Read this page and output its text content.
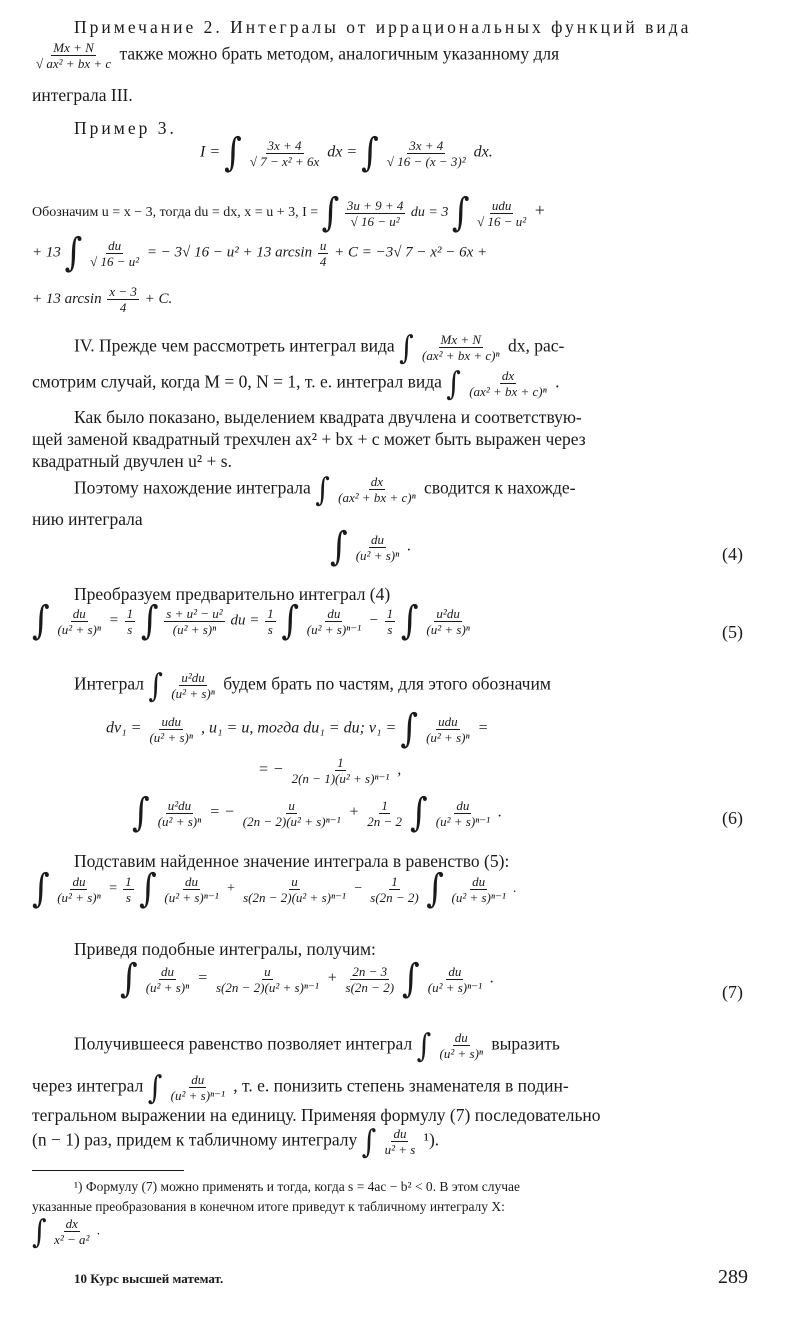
Примечание 2. Интегралы от иррациональных функций вида
$\frac{Mx + N}{\text{√ ax² + bx + c}}$ также можно брать методом, аналогичным указанному для
интеграла III.
Пример 3.
I = ∫ $\frac{3x + 4}{\text{√ 7 − x² + 6x}}$ dx = ∫ $\frac{3x + 4}{\text{√ 16 − (x − 3)²}}$ dx.
Обозначим u = x − 3, тогда du = dx, x = u + 3, I = ∫ $\frac{3u + 9 + 4}{\text{√ 16 − u²}}$ du = 3 ∫ $\frac{\text{udu}}{\text{√ 16 − u²}}$ +
+ 13 ∫ $\frac{du}{\text{√ 16 − u²}}$ = − 3√ 16 − u² + 13 $\arcsin \frac{u}{4} + C = -3√$ 7 − x² − 6x +
+ 13 $\arcsin \frac{x - 3}{4} + C$.
IV. Прежде чем рассмотреть интеграл вида ∫ $\frac{Mx + N}{\text{(ax² + bx + c)ⁿ}}$ dx, рас-
смотрим случай, когда M = 0, N = 1, т. е. интеграл вида ∫ $\frac{dx}{\text{(ax² + bx + c)ⁿ}}$ .
Как было показано, выделением квадрата двучлена и соответствую-
щей заменой квадратный трехчлен ax² + bx + c может быть выражен через
квадратный двучлен u² + s.
Поэтому нахождение интеграла ∫ $\frac{dx}{\text{(ax² + bx + c)ⁿ}}$ сводится к нахожде-
нию интеграла
∫ $\frac{du}{\text{(u² + s)ⁿ}}$ .	(4)
Преобразуем предварительно интеграл (4)
∫ $\frac{du}{\text{(u² + s)ⁿ}} = \frac{1}{s}$ ∫ $\frac{\text{s + u² − u²}}{\text{(u² + s)ⁿ}}$ du = $\frac{1}{s}$ ∫ $\frac{du}{\text{(u² + s)ⁿ⁻¹}} - \frac{1}{s}$ ∫ $\frac{\text{u²du}}{\text{(u² + s)ⁿ}}$	(5)
Интеграл ∫ $\frac{\text{u²du}}{\text{(u² + s)ⁿ}}$ будем брать по частям, для этого обозначим
$dv_1 = \frac{\text{udu}}{\text{(u² + s)ⁿ}}$ , u₁ = u, тогда du₁ = du; v₁ = ∫ $\frac{\text{udu}}{\text{(u² + s)ⁿ}}$ =
= − $\frac{1}{\text{2(n − 1)(u² + s)ⁿ⁻¹}}$ ,
∫ $\frac{\text{u²du}}{\text{(u² + s)ⁿ}}$ = − $\frac{u}{\text{(2n − 2)(u² + s)ⁿ⁻¹}} + \frac{1}{2n - 2}$ ∫ $\frac{du}{\text{(u² + s)ⁿ⁻¹}}$ .	(6)
Подставим найденное значение интеграла в равенство (5):
∫ $\frac{du}{\text{(u² + s)ⁿ}} = \frac{1}{s}$ ∫ $\frac{du}{\text{(u² + s)ⁿ⁻¹}} + \frac{u}{\text{s(2n − 2)(u² + s)ⁿ⁻¹}} - \frac{1}{s(2n - 2)}$ ∫ $\frac{du}{\text{(u² + s)ⁿ⁻¹}}$ .
Приведя подобные интегралы, получим:
∫ $\frac{du}{\text{(u² + s)ⁿ}} = \frac{u}{\text{s(2n − 2)(u² + s)ⁿ⁻¹}} + \frac{2n - 3}{s(2n - 2)}$ ∫ $\frac{du}{\text{(u² + s)ⁿ⁻¹}}$ .
(7)
Получившееся равенство позволяет интеграл ∫ $\frac{du}{\text{(u² + s)ⁿ}}$ выразить
через интеграл ∫ $\frac{du}{\text{(u² + s)ⁿ⁻¹}}$ , т. е. понизить степень знаменателя в подин-
тегральном выражении на единицу. Применяя формулу (7) последовательно
(n − 1) раз, придем к табличному интегралу ∫ $\frac{du}{\text{u² + s}} ^1$).
¹) Формулу (7) можно применять и тогда, когда s = 4ac − b² < 0. В этом случае
указанные преобразования в конечном итоге приведут к табличному интегралу X:
∫ $\frac{dx}{\text{x² − a²}}$ .
10 Курс высшей математ.	289
